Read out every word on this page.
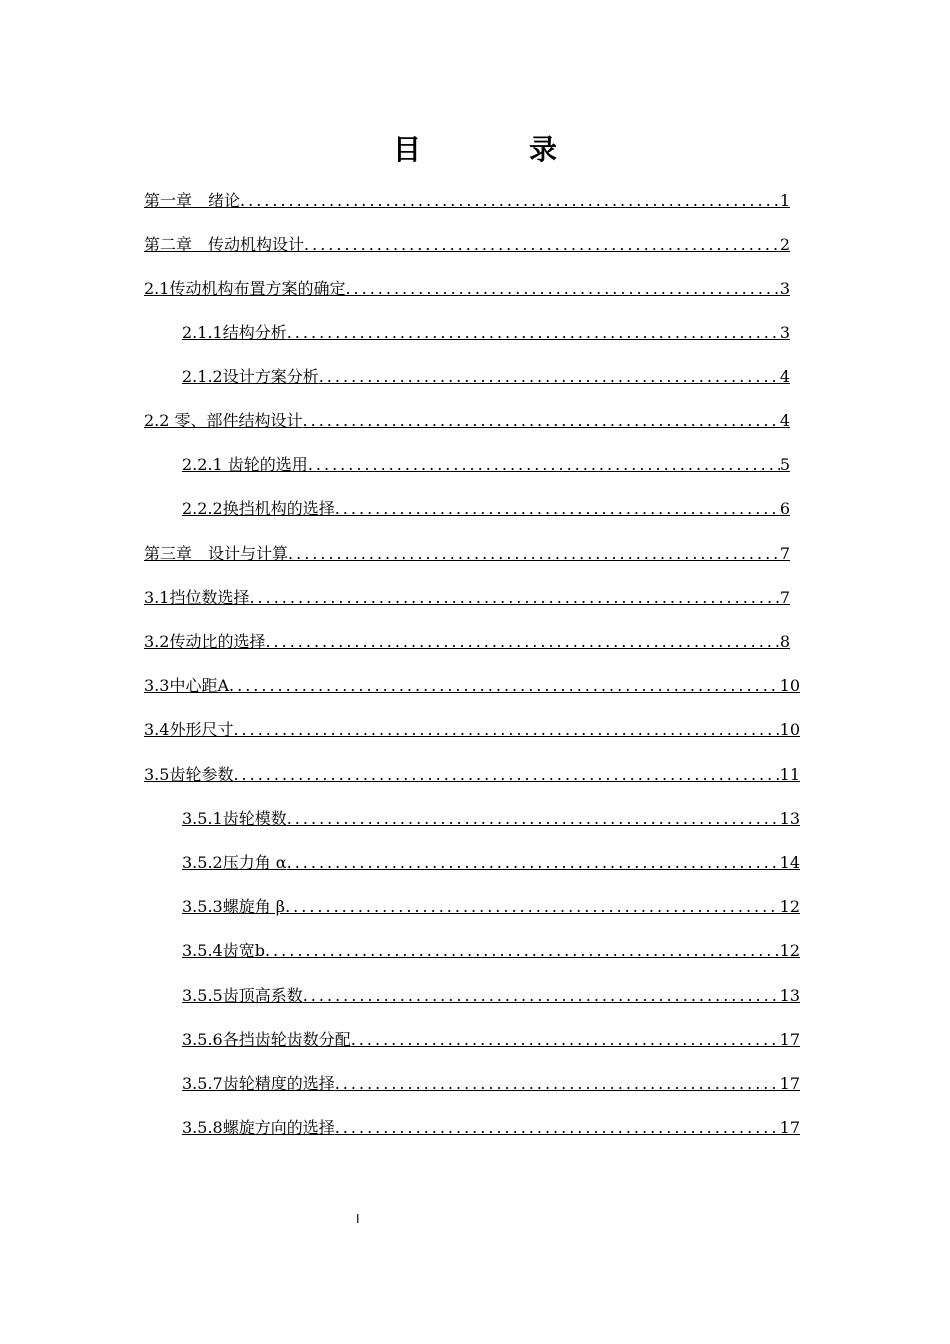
目　录
第一章　绪论 .....	1
第二章　传动机构设计 .....	2
2.1传动机构布置方案的确定 .....	3
2.1.1结构分析 .....	3
2.1.2设计方案分析 .....	4
2.2 零、部件结构设计 .....	4
2.2.1 齿轮的选用 .....	5
2.2.2换挡机构的选择 .....	6
第三章　设计与计算 .....	7
3.1挡位数选择 .....	7
3.2传动比的选择 .....	8
3.3中心距A .....	10
3.4外形尺寸 .....	10
3.5齿轮参数 .....	11
3.5.1齿轮模数 .....	13
3.5.2压力角 α .....	14
3.5.3螺旋角 β .....	12
3.5.4齿宽b .....	12
3.5.5齿顶高系数 .....	13
3.5.6各挡齿轮齿数分配 .....	17
3.5.7齿轮精度的选择 .....	17
3.5.8螺旋方向的选择 .....	17
I
